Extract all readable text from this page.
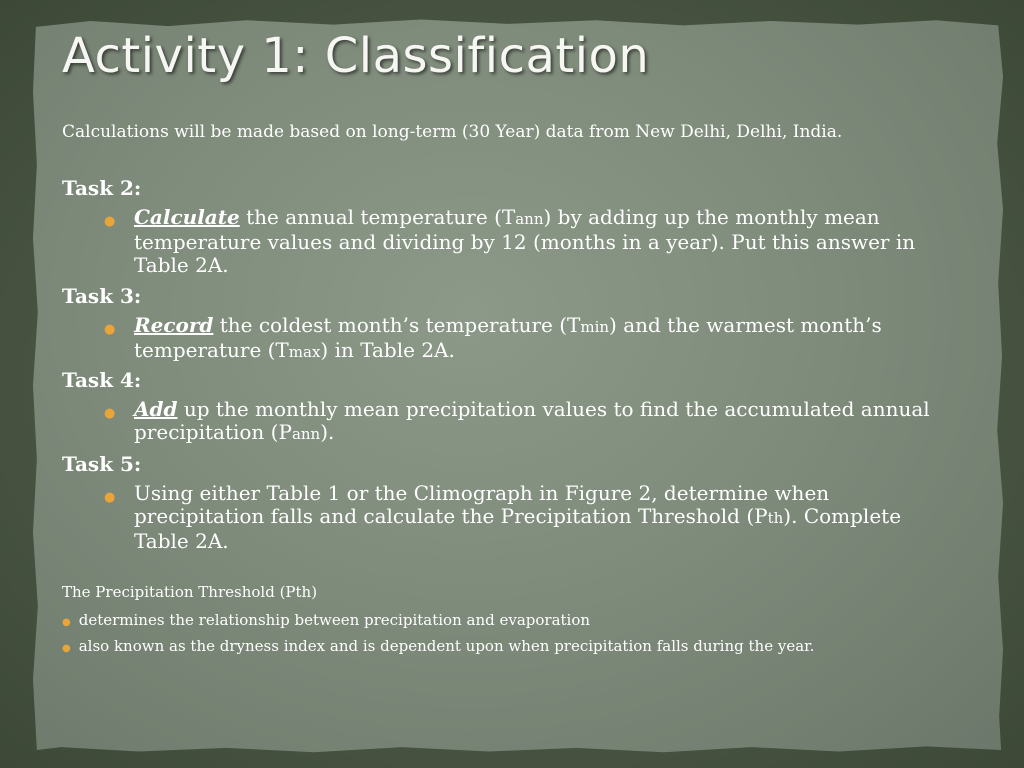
Activity 1: Classification
Calculations will be made based on long-term (30 Year) data from New Delhi, Delhi, India.
Task 2:
● Calculate the annual temperature (Tann) by adding up the monthly mean temperature values and dividing by 12 (months in a year). Put this answer in Table 2A.
Task 3:
● Record the coldest month’s temperature (Tmin) and the warmest month’s temperature (Tmax) in Table 2A.
Task 4:
● Add up the monthly mean precipitation values to find the accumulated annual precipitation (Pann).
Task 5:
● Using either Table 1 or the Climograph in Figure 2, determine when precipitation falls and calculate the Precipitation Threshold (Pth). Complete Table 2A.
The Precipitation Threshold (Pth)
● determines the relationship between precipitation and evaporation
● also known as the dryness index and is dependent upon when precipitation falls during the year.
